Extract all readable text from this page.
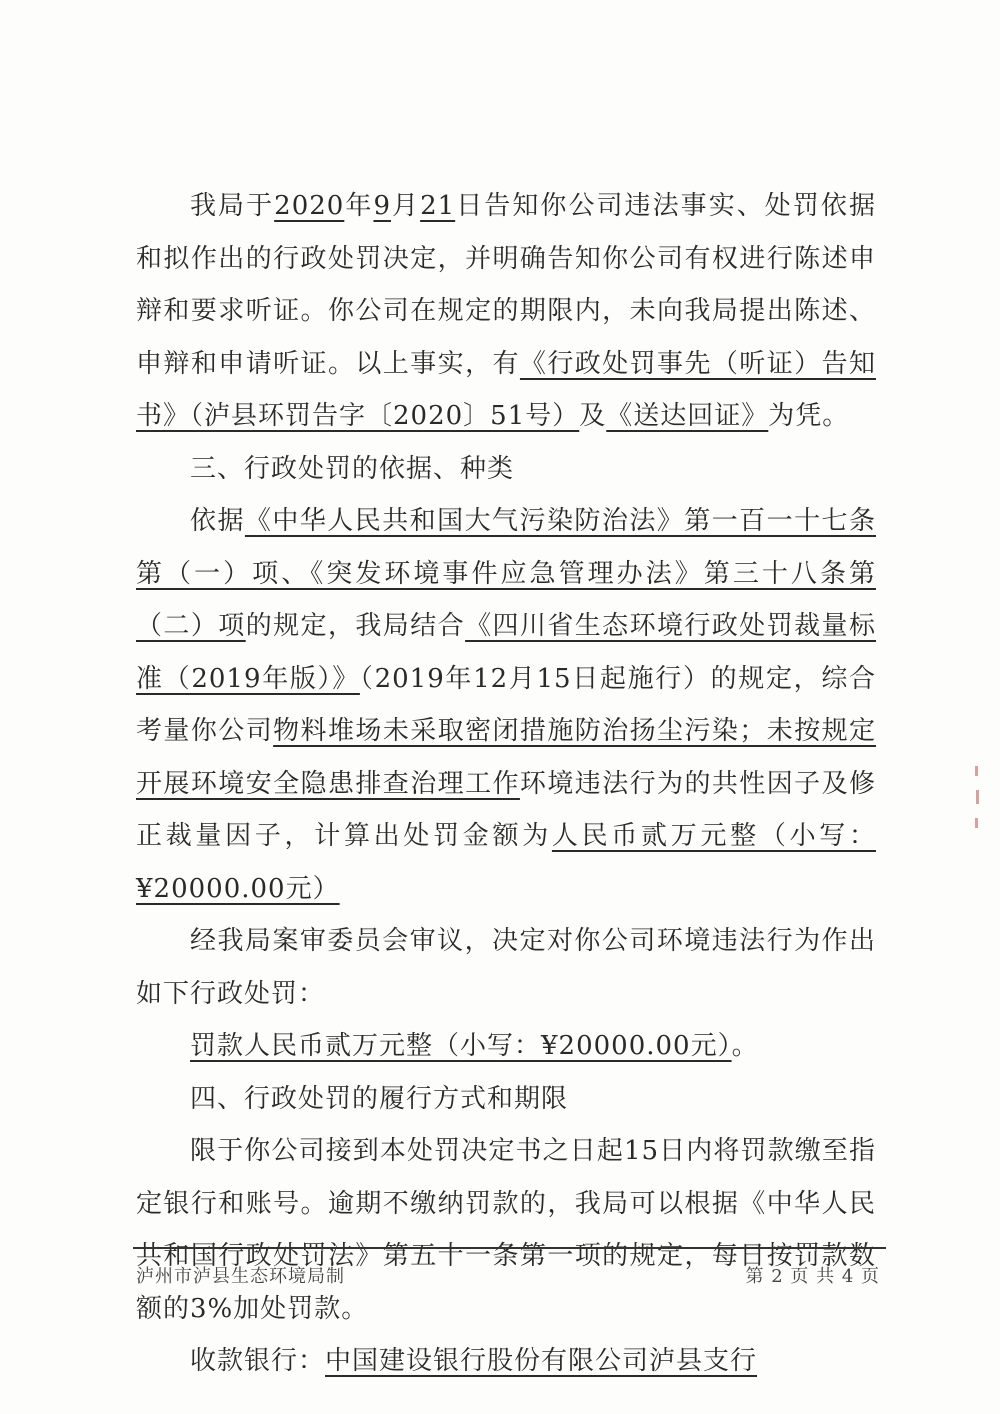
我局于2020年9月21日告知你公司违法事实、处罚依据和拟作出的行政处罚决定，并明确告知你公司有权进行陈述申辩和要求听证。你公司在规定的期限内，未向我局提出陈述、申辩和申请听证。以上事实，有《行政处罚事先（听证）告知书》（泸县环罚告字〔2020〕51号）及《送达回证》为凭。

三、行政处罚的依据、种类

依据《中华人民共和国大气污染防治法》第一百一十七条第（一）项、《突发环境事件应急管理办法》第三十八条第（二）项的规定，我局结合《四川省生态环境行政处罚裁量标准（2019年版）》（2019年12月15日起施行）的规定，综合考量你公司物料堆场未采取密闭措施防治扬尘污染；未按规定开展环境安全隐患排查治理工作环境违法行为的共性因子及修正裁量因子，计算出处罚金额为人民币贰万元整（小写：¥20000.00元）

经我局案审委员会审议，决定对你公司环境违法行为作出如下行政处罚：

罚款人民币贰万元整（小写：¥20000.00元）。

四、行政处罚的履行方式和期限

限于你公司接到本处罚决定书之日起15日内将罚款缴至指定银行和账号。逾期不缴纳罚款的，我局可以根据《中华人民共和国行政处罚法》第五十一条第一项的规定，每日按罚款数额的3%加处罚款。

收款银行：中国建设银行股份有限公司泸县支行

泸州市泸县生态环境局制	第 2 页 共 4 页
